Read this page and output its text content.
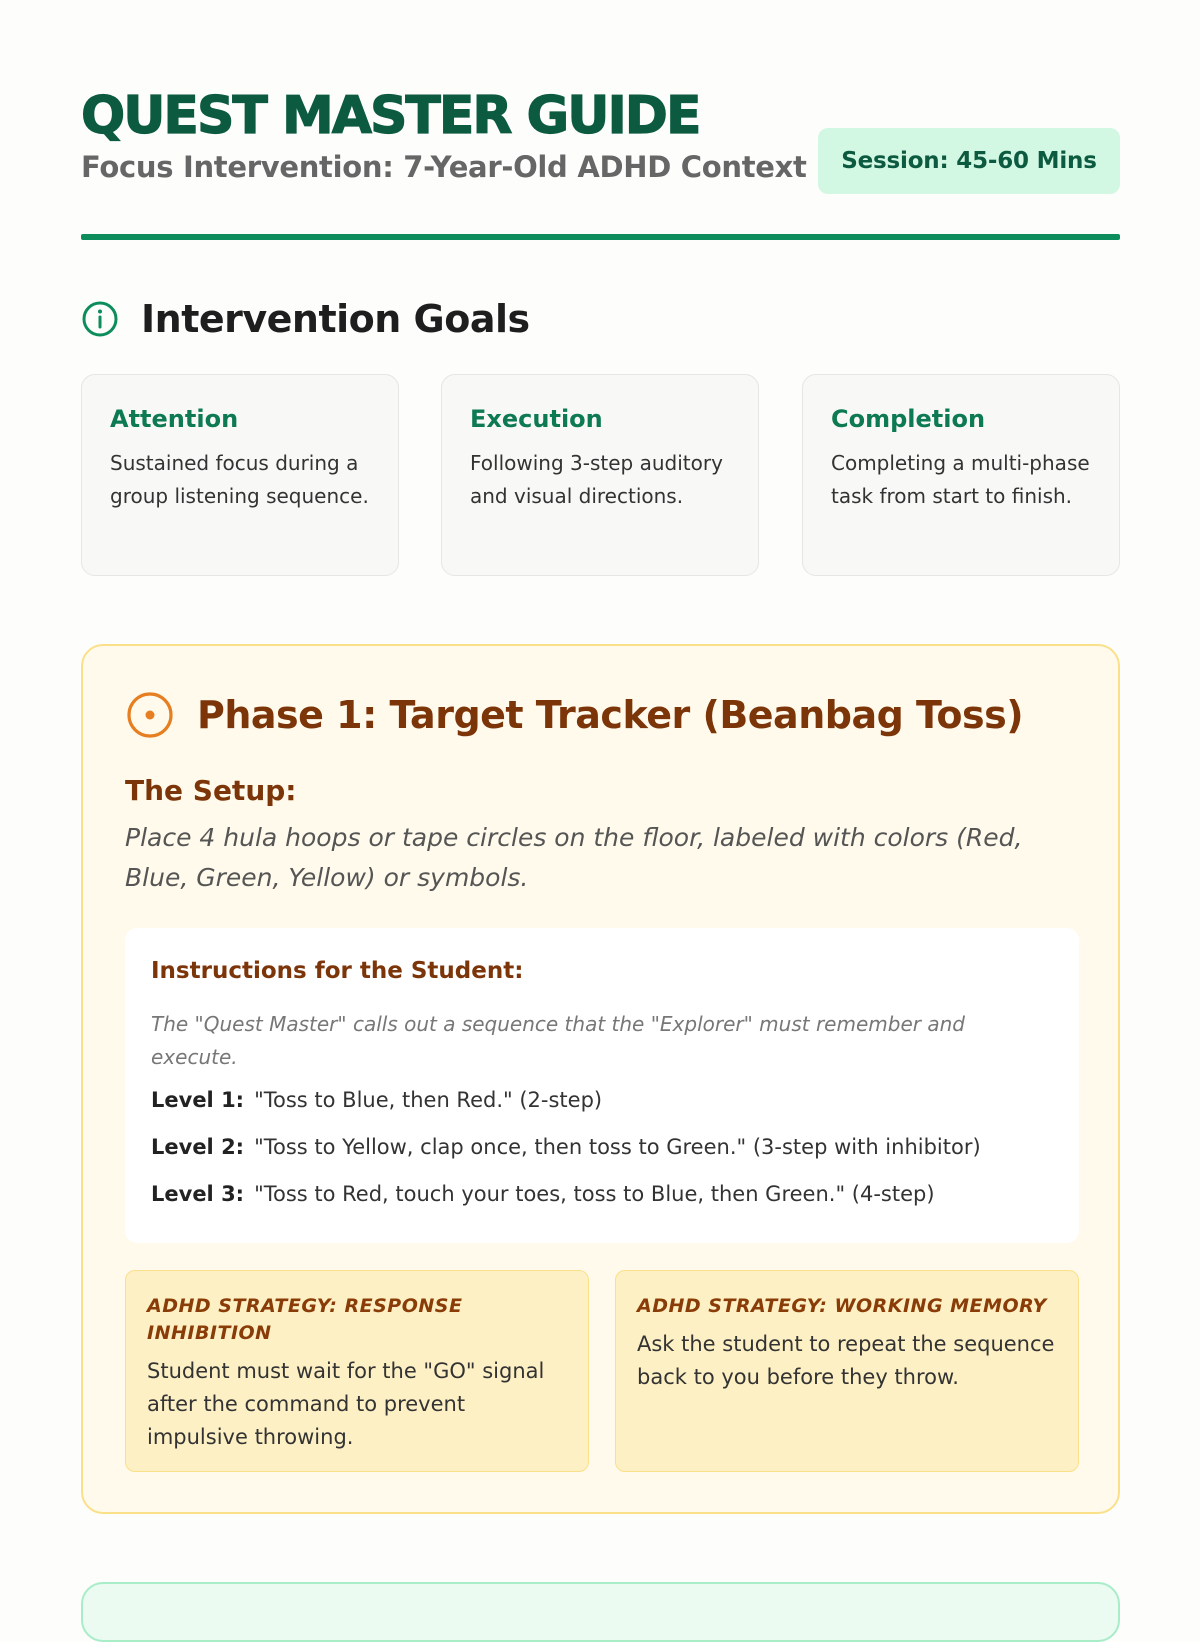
QUEST MASTER GUIDE
Focus Intervention: 7-Year-Old ADHD Context	Session: 45-60 Mins
Intervention Goals
Attention
Sustained focus during a group listening sequence.
Execution
Following 3-step auditory and visual directions.
Completion
Completing a multi-phase task from start to finish.
Phase 1: Target Tracker (Beanbag Toss)
The Setup:
Place 4 hula hoops or tape circles on the floor, labeled with colors (Red, Blue, Green, Yellow) or symbols.
Instructions for the Student:
The "Quest Master" calls out a sequence that the "Explorer" must remember and execute.
Level 1: "Toss to Blue, then Red." (2-step)
Level 2: "Toss to Yellow, clap once, then toss to Green." (3-step with inhibitor)
Level 3: "Toss to Red, touch your toes, toss to Blue, then Green." (4-step)
ADHD STRATEGY: RESPONSE INHIBITION
Student must wait for the "GO" signal after the command to prevent impulsive throwing.
ADHD STRATEGY: WORKING MEMORY
Ask the student to repeat the sequence back to you before they throw.
